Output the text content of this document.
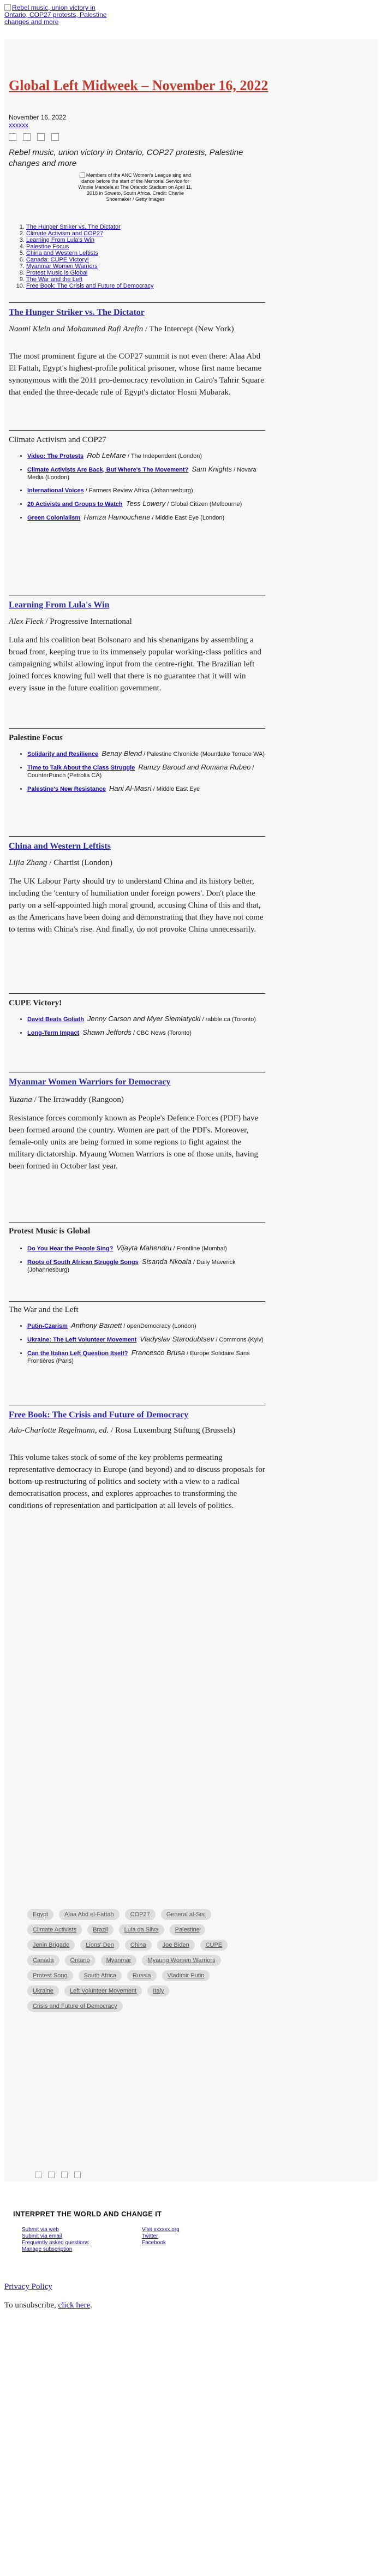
Rebel music, union victory in Ontario, COP27 protests, Palestine changes and more
Global Left Midweek – November 16, 2022
November 16, 2022
xxxxxx
Rebel music, union victory in Ontario, COP27 protests, Palestine changes and more
Members of the ANC Women's League sing and dance before the start of the Memorial Service for Winnie Mandela at The Orlando Stadium on April 11, 2018 in Soweto, South Africa. Credit: Charlie Shoemaker / Getty Images
1. The Hunger Striker vs. The Dictator
2. Climate Activism and COP27
3. Learning From Lula's Win
4. Palestine Focus
5. China and Western Leftists
6. Canada: CUPE Victory!
7. Myanmar Women Warriors
8. Protest Music is Global
9. The War and the Left
10. Free Book: The Crisis and Future of Democracy
The Hunger Striker vs. The Dictator
Naomi Klein and Mohammed Rafi Arefin / The Intercept (New York)

The most prominent figure at the COP27 summit is not even there: Alaa Abd El Fattah, Egypt's highest-profile political prisoner, whose first name became synonymous with the 2011 pro-democracy revolution in Cairo's Tahrir Square that ended the three-decade rule of Egypt's dictator Hosni Mubarak.

Climate Activism and COP27
• Video: The Protests Rob LeMare / The Independent (London)
• Climate Activists Are Back, But Where's The Movement? Sam Knights / Novara Media (London)
• International Voices / Farmers Review Africa (Johannesburg)
• 20 Activists and Groups to Watch Tess Lowery / Global Citizen (Melbourne)
• Green Colonialism Hamza Hamouchene / Middle East Eye (London)
Learning From Lula's Win
Alex Fleck / Progressive International

Lula and his coalition beat Bolsonaro and his shenanigans by assembling a broad front, keeping true to its immensely popular working-class politics and campaigning whilst allowing input from the centre-right. The Brazilian left joined forces knowing full well that there is no guarantee that it will win every issue in the future coalition government.

Palestine Focus
• Solidarity and Resilience Benay Blend / Palestine Chronicle (Mountlake Terrace WA)
• Time to Talk About the Class Struggle Ramzy Baroud and Romana Rubeo / CounterPunch (Petrolia CA)
• Palestine's New Resistance Hani Al-Masri / Middle East Eye
China and Western Leftists
Lijia Zhang / Chartist (London)

The UK Labour Party should try to understand China and its history better, including the 'century of humiliation under foreign powers'. Don't place the party on a self-appointed high moral ground, accusing China of this and that, as the Americans have been doing and demonstrating that they have not come to terms with China's rise. And finally, do not provoke China unnecessarily.

CUPE Victory!
• David Beats Goliath Jenny Carson and Myer Siemiatycki / rabble.ca (Toronto)
• Long-Term Impact Shawn Jeffords / CBC News (Toronto)
Myanmar Women Warriors for Democracy
Yuzana / The Irrawaddy (Rangoon)

Resistance forces commonly known as People's Defence Forces (PDF) have been formed around the country. Women are part of the PDFs. Moreover, female-only units are being formed in some regions to fight against the military dictatorship. Myaung Women Warriors is one of those units, having been formed in October last year.

Protest Music is Global
• Do You Hear the People Sing? Vijayta Mahendru / Frontline (Mumbai)
• Roots of South African Struggle Songs Sisanda Nkoala / Daily Maverick (Johannesburg)
The War and the Left
• Putin-Czarism Anthony Barnett / openDemocracy (London)
• Ukraine: The Left Volunteer Movement Vladyslav Starodubtsev / Commons (Kyiv)
• Can the Italian Left Question Itself? Francesco Brusa / Europe Solidaire Sans Frontières (Paris)
Free Book: The Crisis and Future of Democracy
Ado-Charlotte Regelmann, ed. / Rosa Luxemburg Stiftung (Brussels)

This volume takes stock of some of the key problems permeating representative democracy in Europe (and beyond) and to discuss proposals for bottom-up restructuring of politics and society with a view to a radical democratisation process, and explores approaches to transforming the conditions of representation and participation at all levels of politics.

Egypt	Alaa Abd el-Fattah	COP27	General al-Sisi
Climate Activists	Brazil	Lula da Silva	Palestine
Jenin Brigade	Lions' Den	China	Joe Biden	CUPE
Canada	Ontario	Myanmar	Myaung Women Warriors
Protest Song	South Africa	Russia	Vladimir Putin
Ukraine	Left Volunteer Movement	Italy
Crisis and Future of Democracy
INTERPRET THE WORLD AND CHANGE IT
Submit via web	Visit xxxxxx.org
Submit via email	Twitter
Frequently asked questions	Facebook
Manage subscription
Privacy Policy
To unsubscribe, click here.
